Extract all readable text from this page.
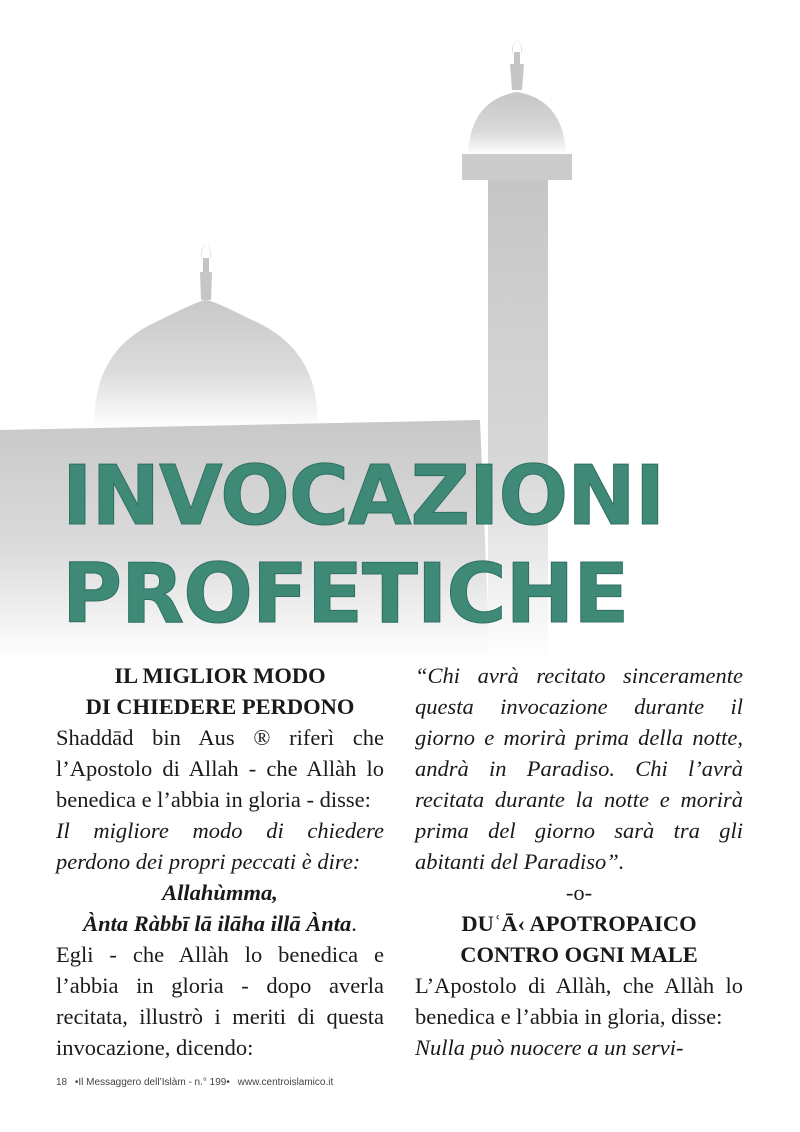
INVOCAZIONI
PROFETICHE
IL MIGLIOR MODO
DI CHIEDERE PERDONO
Shaddād bin Aus ® riferì che l’Apostolo di Allah - che Allàh lo benedica e l’abbia in gloria - disse:
Il migliore modo di chiedere perdono dei propri peccati è dire:
Allahùmma,
Ànta Ràbbī lā ilāha illā Ànta.
Egli - che Allàh lo benedica e l’abbia in gloria - dopo averla recitata, illustrò i meriti di questa invocazione, dicendo:
“Chi avrà recitato sinceramente questa invocazione durante il giorno e morirà prima della notte, andrà in Paradiso. Chi l’avrà recitata durante la notte e morirà prima del giorno sarà tra gli abitanti del Paradiso”.
-o-
DUʿĀ‹ APOTROPAICO
CONTRO OGNI MALE
L’Apostolo di Allàh, che Allàh lo benedica e l’abbia in gloria, disse:
Nulla può nuocere a un servi-
18 •Il Messaggero dell’Islàm - n.° 199• www.centroislamico.it
